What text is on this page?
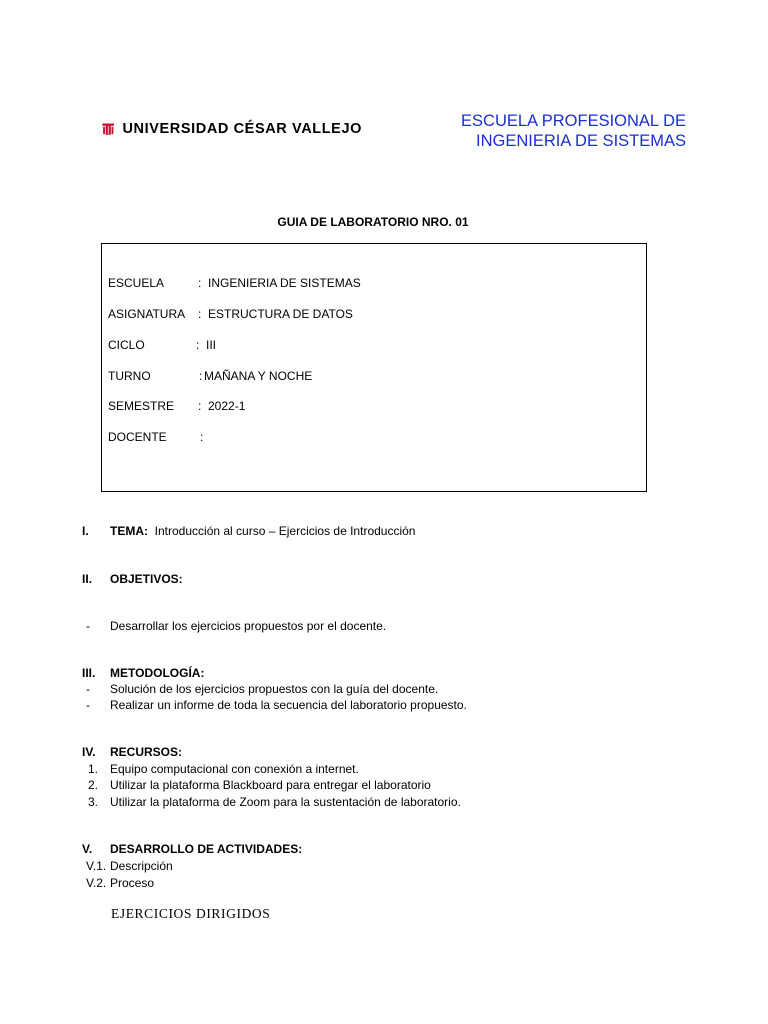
UNIVERSIDAD CÉSAR VALLEJO	ESCUELA PROFESIONAL DE
INGENIERIA DE SISTEMAS
GUIA DE LABORATORIO NRO. 01
ESCUELA	: INGENIERIA DE SISTEMAS
ASIGNATURA : ESTRUCTURA DE DATOS
CICLO	: III
TURNO	: MAÑANA Y NOCHE
SEMESTRE : 2022-1
DOCENTE	:
I. TEMA: Introducción al curso – Ejercicios de Introducción
II. OBJETIVOS:
- Desarrollar los ejercicios propuestos por el docente.
III. METODOLOGÍA:
- Solución de los ejercicios propuestos con la guía del docente.
- Realizar un informe de toda la secuencia del laboratorio propuesto.
IV. RECURSOS:
1. Equipo computacional con conexión a internet.
2. Utilizar la plataforma Blackboard para entregar el laboratorio
3. Utilizar la plataforma de Zoom para la sustentación de laboratorio.
V. DESARROLLO DE ACTIVIDADES:
V.1. Descripción
V.2. Proceso
EJERCICIOS DIRIGIDOS
